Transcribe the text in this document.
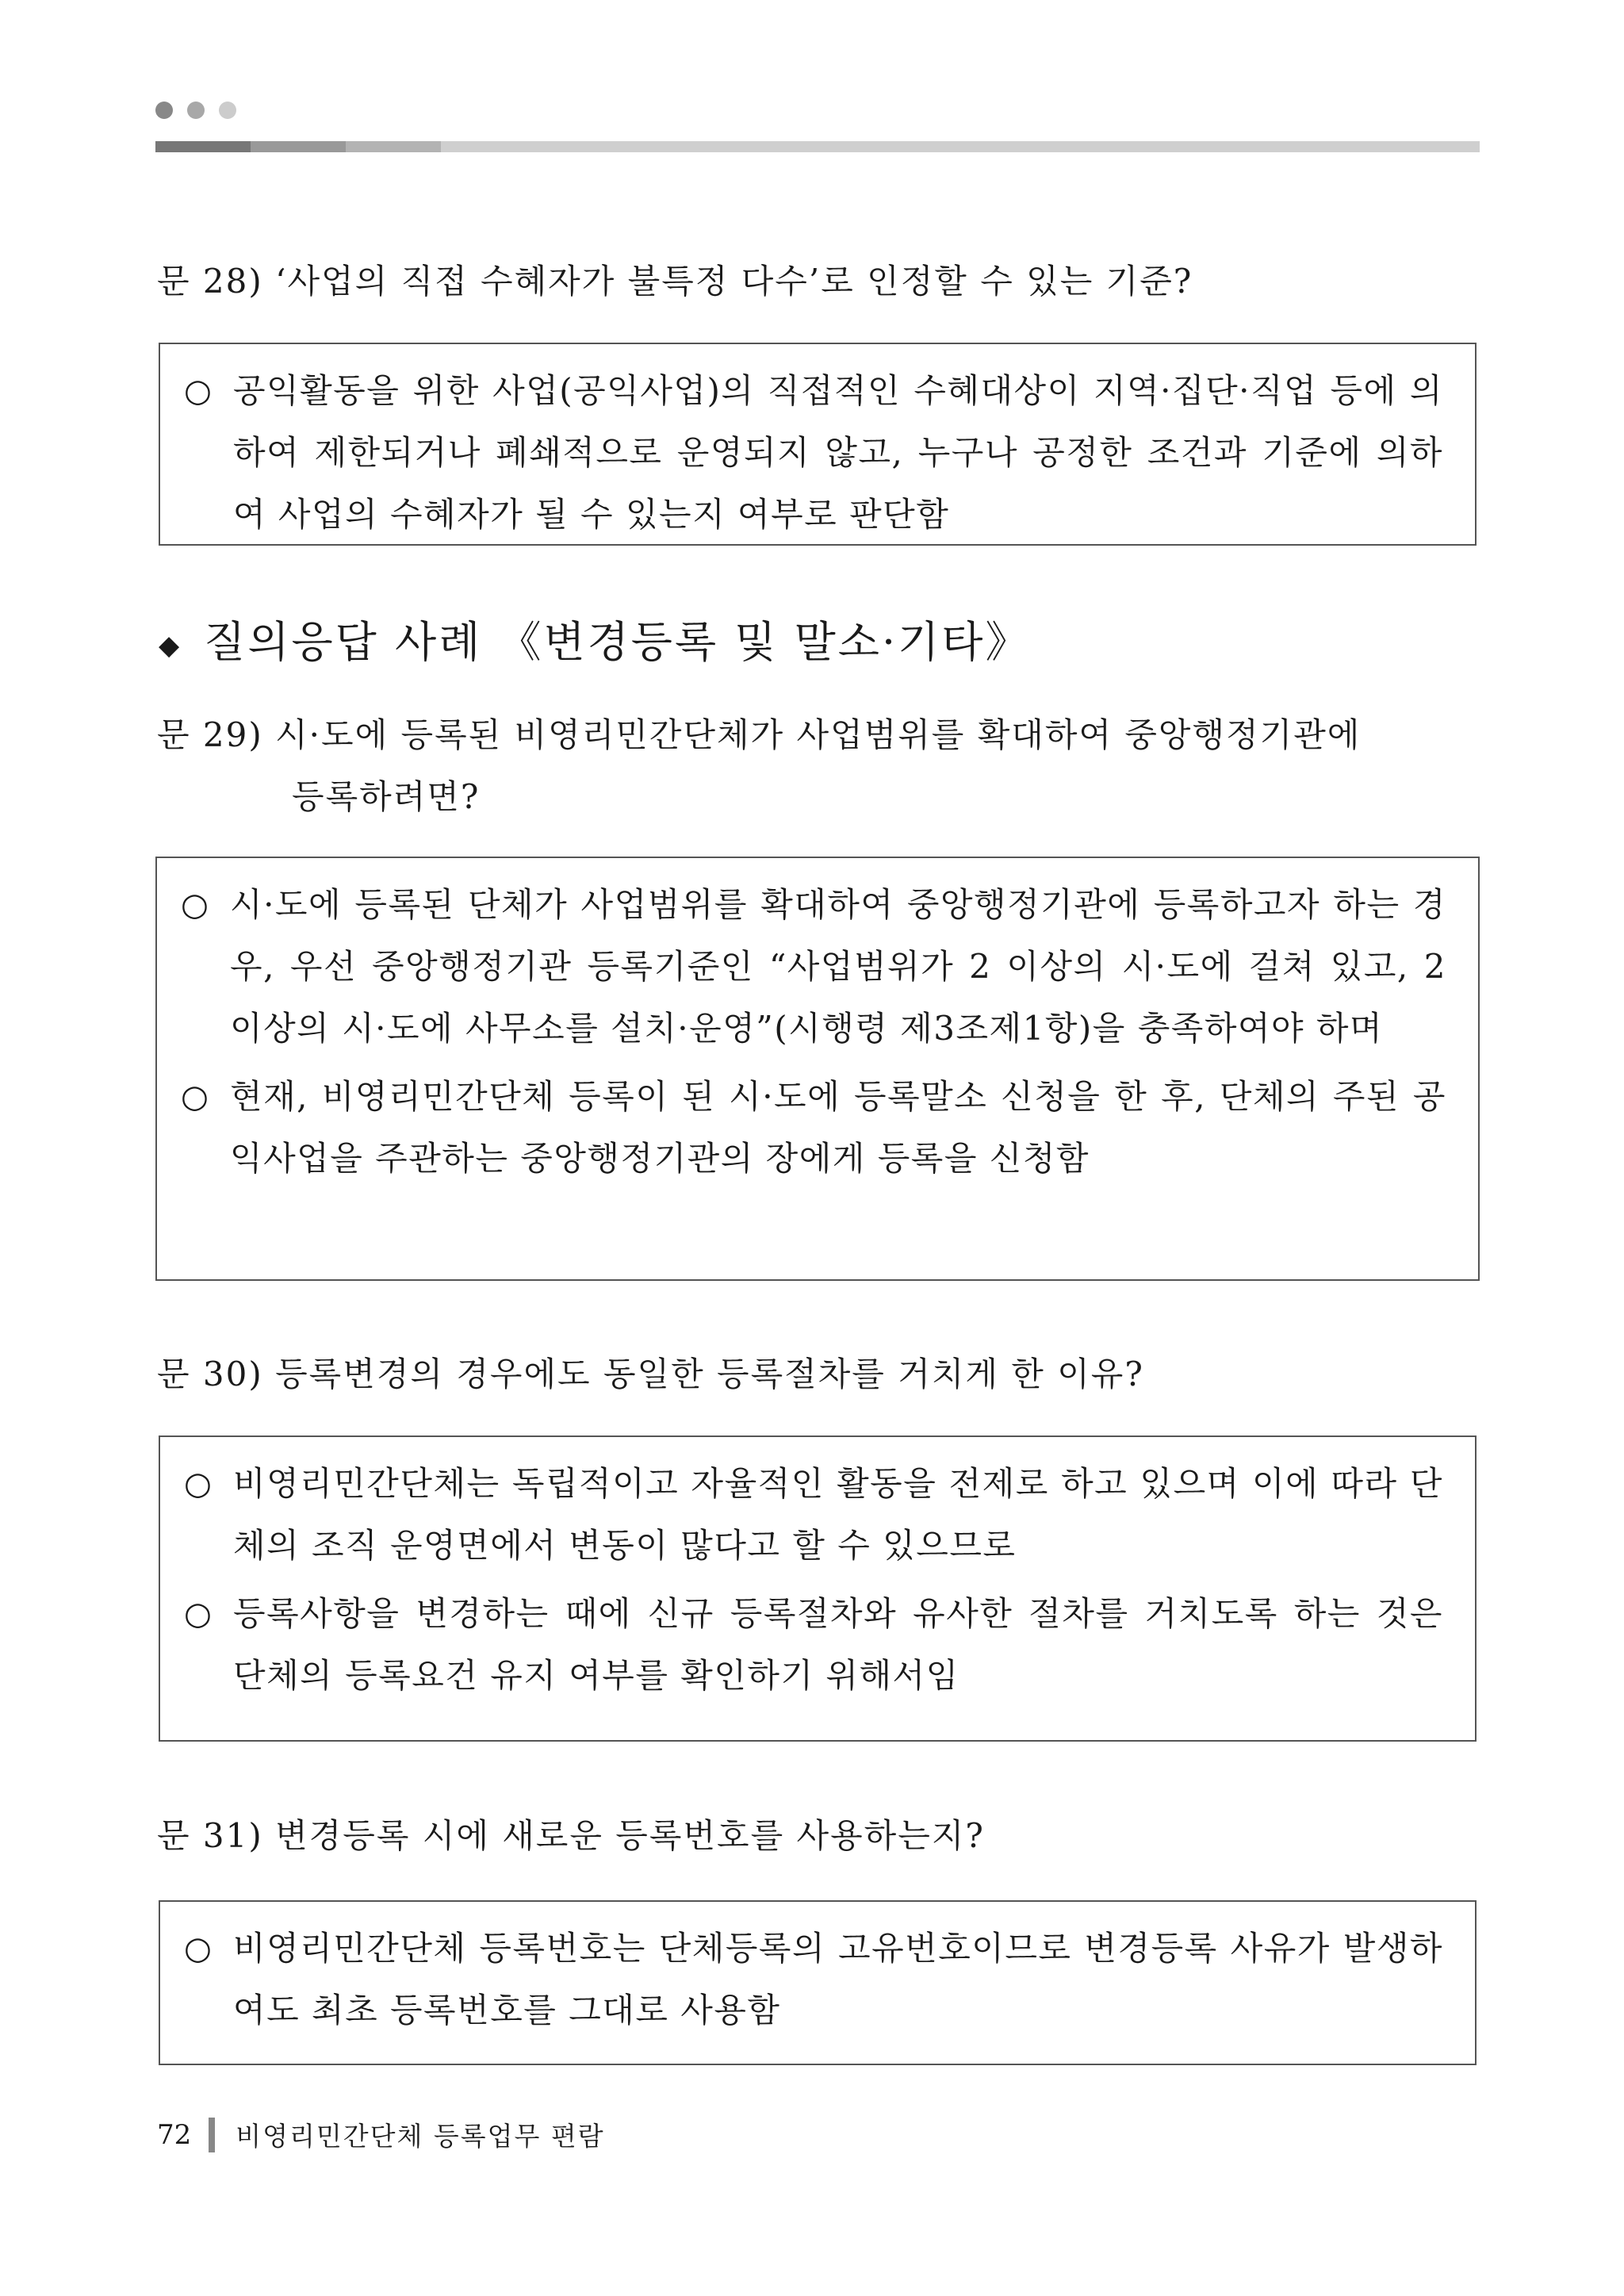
문 28) ‘사업의 직접 수혜자가 불특정 다수’로 인정할 수 있는 기준?
○ 공익활동을 위한 사업(공익사업)의 직접적인 수혜대상이 지역·집단·직업 등에 의하여 제한되거나 폐쇄적으로 운영되지 않고, 누구나 공정한 조건과 기준에 의하여 사업의 수혜자가 될 수 있는지 여부로 판단함
◆ 질의응답 사례 《변경등록 및 말소·기타》
문 29) 시·도에 등록된 비영리민간단체가 사업범위를 확대하여 중앙행정기관에
등록하려면?
○ 시·도에 등록된 단체가 사업범위를 확대하여 중앙행정기관에 등록하고자 하는 경우, 우선 중앙행정기관 등록기준인 “사업범위가 2 이상의 시·도에 걸쳐 있고, 2 이상의 시·도에 사무소를 설치·운영”(시행령 제3조제1항)을 충족하여야 하며
○ 현재, 비영리민간단체 등록이 된 시·도에 등록말소 신청을 한 후, 단체의 주된 공익사업을 주관하는 중앙행정기관의 장에게 등록을 신청함
문 30) 등록변경의 경우에도 동일한 등록절차를 거치게 한 이유?
○ 비영리민간단체는 독립적이고 자율적인 활동을 전제로 하고 있으며 이에 따라 단체의 조직 운영면에서 변동이 많다고 할 수 있으므로
○ 등록사항을 변경하는 때에 신규 등록절차와 유사한 절차를 거치도록 하는 것은 단체의 등록요건 유지 여부를 확인하기 위해서임
문 31) 변경등록 시에 새로운 등록번호를 사용하는지?
○ 비영리민간단체 등록번호는 단체등록의 고유번호이므로 변경등록 사유가 발생하여도 최초 등록번호를 그대로 사용함
72 비영리민간단체 등록업무 편람
